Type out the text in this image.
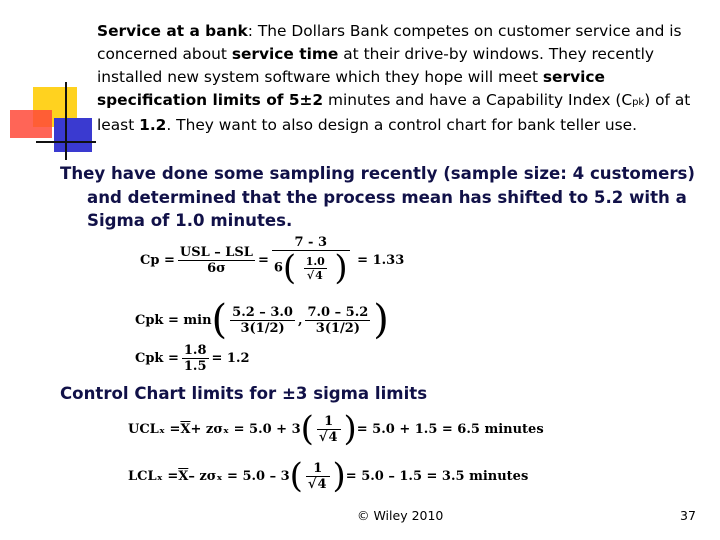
Service at a bank: The Dollars Bank competes on customer service and is concerned about service time at their drive-by windows. They recently installed new system software which they hope will meet service specification limits of 5±2 minutes and have a Capability Index (Cpk) of at least 1.2. They want to also design a control chart for bank teller use.
They have done some sampling recently (sample size: 4 customers) and determined that the process mean has shifted to 5.2 with a Sigma of 1.0 minutes.
$Cp = \frac{\text{USL – LSL}}{6\sigma} = \frac{7 - 3}{6( \frac{1.0}{√4} )}$
= 1.33
Cpk = min ( $\frac{5.2 - 3.0}{3(1/2)}$ , $\frac{7.0 - 5.2}{3(1/2)}$ )
Cpk = $\frac{1.8}{1.5} = 1.2$
Control Chart limits for ±3 sigma limits
$UCL_x = \overline{X} + z\sigma_x = 5.0 + 3$ ( $\frac{1}{√4}$ ) = 5.0 + 1.5 = 6.5 minutes
$LCL_x = \overline{X} - z\sigma_x = 5.0 - 3$ ( $\frac{1}{√4}$ ) = 5.0 – 1.5 = 3.5 minutes
© Wiley 2010	37
